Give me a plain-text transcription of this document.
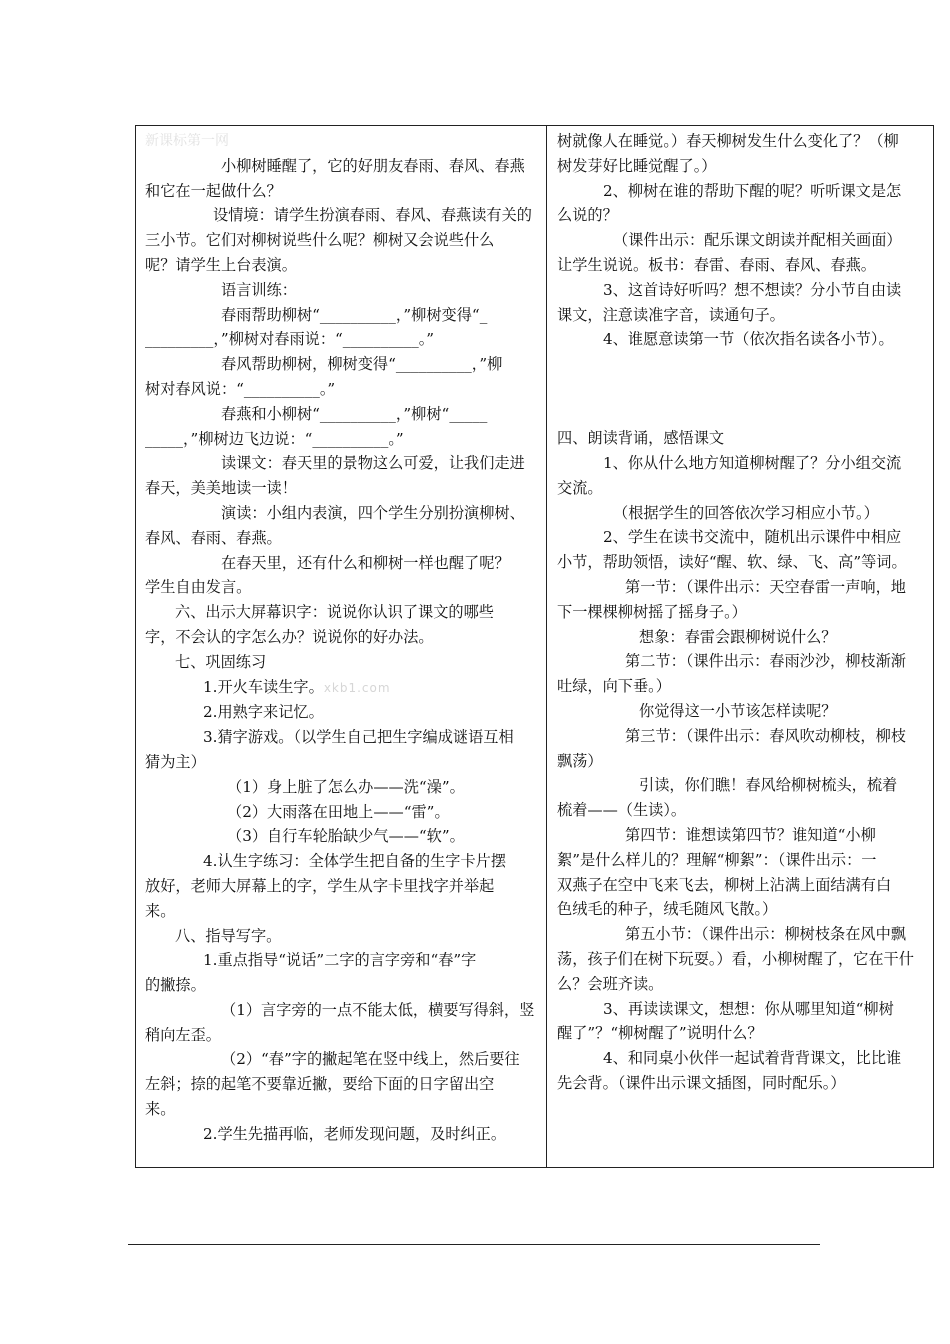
新课标第一网
小柳树睡醒了，它的好朋友春雨、春风、春燕
和它在一起做什么？
设情境：请学生扮演春雨、春风、春燕读有关的
三小节。它们对柳树说些什么呢？柳树又会说些什么
呢？请学生上台表演。
语言训练：
春雨帮助柳树“__________，”柳树变得“_
_________，”柳树对春雨说：“__________。”
春风帮助柳树，柳树变得“__________，”柳
树对春风说：“__________。”
春燕和小柳树“__________，”柳树“_____
_____，”柳树边飞边说：“__________。”
读课文：春天里的景物这么可爱，让我们走进
春天，美美地读一读！
演读：小组内表演，四个学生分别扮演柳树、
春风、春雨、春燕。
在春天里，还有什么和柳树一样也醒了呢？
学生自由发言。
六、出示大屏幕识字：说说你认识了课文的哪些
字，不会认的字怎么办？说说你的好办法。
七、巩固练习
1.开火车读生字。xkb1.com
2.用熟字来记忆。
3.猜字游戏。（以学生自己把生字编成谜语互相
猜为主）
（1）身上脏了怎么办——洗“澡”。
（2）大雨落在田地上——“雷”。
（3）自行车轮胎缺少气——“软”。
4.认生字练习：全体学生把自备的生字卡片摆
放好，老师大屏幕上的字，学生从字卡里找字并举起
来。
八、指导写字。
1.重点指导“说话”二字的言字旁和“春”字
的撇捺。
（1）言字旁的一点不能太低，横要写得斜，竖
稍向左歪。
（2）“春”字的撇起笔在竖中线上，然后要往
左斜；捺的起笔不要靠近撇，要给下面的日字留出空
来。
2.学生先描再临，老师发现问题，及时纠正。
树就像人在睡觉。）春天柳树发生什么变化了？（柳
树发芽好比睡觉醒了。）
2、柳树在谁的帮助下醒的呢？听听课文是怎
么说的？
（课件出示：配乐课文朗读并配相关画面）
让学生说说。板书：春雷、春雨、春风、春燕。
3、这首诗好听吗？想不想读？分小节自由读
课文，注意读准字音，读通句子。
4、谁愿意读第一节（依次指名读各小节）。
四、朗读背诵，感悟课文
1、你从什么地方知道柳树醒了？分小组交流
交流。
（根据学生的回答依次学习相应小节。）
2、学生在读书交流中，随机出示课件中相应
小节，帮助领悟，读好“醒、软、绿、飞、高”等词。
第一节：（课件出示：天空春雷一声响，地
下一棵棵柳树摇了摇身子。）
想象：春雷会跟柳树说什么？
第二节：（课件出示：春雨沙沙，柳枝渐渐
吐绿，向下垂。）
你觉得这一小节该怎样读呢？
第三节：（课件出示：春风吹动柳枝，柳枝
飘荡）
引读，你们瞧！春风给柳树梳头，梳着
梳着——（生读）。
第四节：谁想读第四节？谁知道“小柳
絮”是什么样儿的？理解“柳絮”：（课件出示：一
双燕子在空中飞来飞去，柳树上沾满上面结满有白
色绒毛的种子，绒毛随风飞散。）
第五小节：（课件出示：柳树枝条在风中飘
荡，孩子们在树下玩耍。）看，小柳树醒了，它在干什
么？会班齐读。
3、再读读课文，想想：你从哪里知道“柳树
醒了”？“柳树醒了”说明什么？
4、和同桌小伙伴一起试着背背课文，比比谁
先会背。（课件出示课文插图，同时配乐。）
